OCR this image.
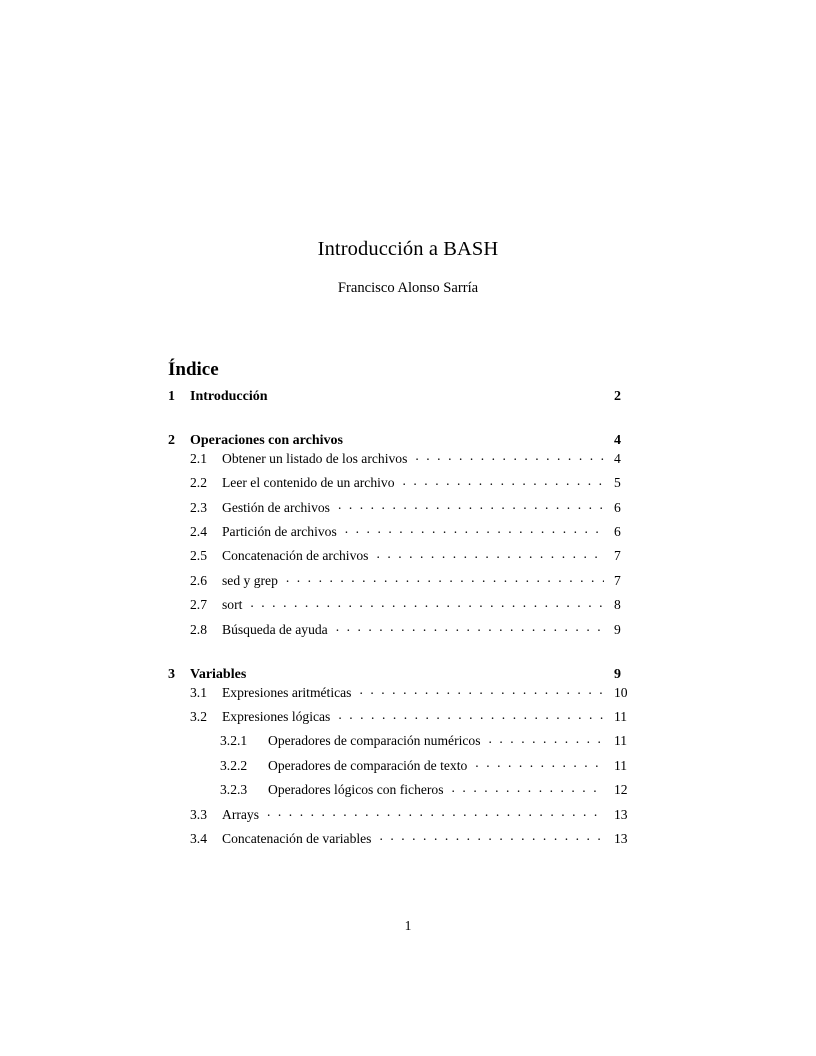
Introducción a BASH
Francisco Alonso Sarría
Índice
1	Introducción	2
2	Operaciones con archivos	4
2.1	Obtener un listado de los archivos . . .	4
2.2	Leer el contenido de un archivo . . .	5
2.3	Gestión de archivos . . .	6
2.4	Partición de archivos . . .	6
2.5	Concatenación de archivos . . .	7
2.6	sed y grep . . .	7
2.7	sort . . .	8
2.8	Búsqueda de ayuda . . .	9
3	Variables	9
3.1	Expresiones aritméticas . . .	10
3.2	Expresiones lógicas . . .	11
3.2.1	Operadores de comparación numéricos . . .	11
3.2.2	Operadores de comparación de texto . . .	11
3.2.3	Operadores lógicos con ficheros . . .	12
3.3	Arrays . . .	13
3.4	Concatenación de variables . . .	13
1
